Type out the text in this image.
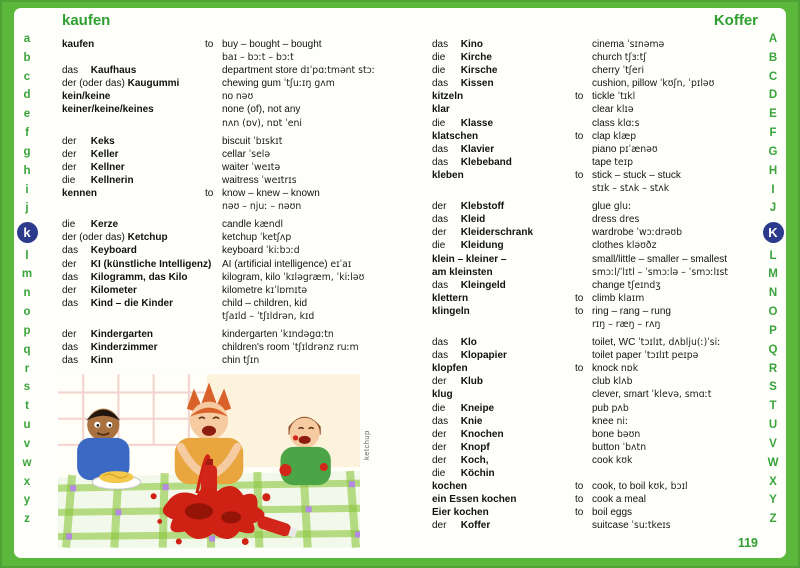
a
b
c
d
e
f
g
h
i
j
k
l
m
n
o
p
q
r
s
t
u
v
w
x
y
z
A
B
C
D
E
F
G
H
I
J
K
L
M
N
O
P
Q
R
S
T
U
V
W
X
Y
Z
kaufen	Koffer
kaufen	to buy – bought – bought
baɪ – bɔːt – bɔːt
das Kaufhaus	department store dɪˈpɑːtmənt stɔː
der (oder das) Kaugummi	chewing gum ˈtʃuːɪŋ gʌm
kein/keine	no nəʊ
keiner/keine/keines	none (of), not any
nʌn (ɒv), nɒt ˈeni
der Keks	biscuit ˈbɪskɪt
der Keller	cellar ˈselə
der Kellner	waiter ˈweɪtə
die Kellnerin	waitress ˈweɪtrɪs
kennen	to know – knew – known
nəʊ – njuː – nəʊn
die Kerze	candle kændl
der (oder das) Ketchup	ketchup ˈketʃʌp
das Keyboard	keyboard ˈkiːbɔːd
der KI (künstliche Intelligenz) AI (artificial intelligence) eɪˈaɪ
das Kilogramm, das Kilo	kilogram, kilo ˈkɪləgræm, ˈkiːləʊ
der Kilometer	kilometre kɪˈlɒmɪtə
das Kind – die Kinder	child – children, kid
tʃaɪld – ˈtʃɪldrən, kɪd
der Kindergarten	kindergarten ˈkɪndəgɑːtn
das Kinderzimmer	children's room ˈtʃɪldrənz ruːm
das Kinn	chin tʃɪn
das Kino	cinema ˈsɪnəmə
die Kirche	church tʃɜːtʃ
die Kirsche	cherry ˈtʃeri
das Kissen	cushion, pillow ˈkʊʃn, ˈpɪləʊ
kitzeln	to tickle ˈtɪkl
klar	clear klɪə
die Klasse	class klɑːs
klatschen	to clap klæp
das Klavier	piano pɪˈænəʊ
das Klebeband	tape teɪp
kleben	to stick – stuck – stuck
stɪk – stʌk – stʌk
der Klebstoff	glue gluː
das Kleid	dress dres
der Kleiderschrank	wardrobe ˈwɔːdrəʊb
die Kleidung	clothes kləʊðz
klein – kleiner –	small/little – smaller – smallest
am kleinsten	smɔːl/ˈlɪtl – ˈsmɔːlə – ˈsmɔːlɪst
das Kleingeld	change tʃeɪndʒ
klettern	to climb klaɪm
klingeln	to ring – rang – rung
rɪŋ – ræŋ – rʌŋ
das Klo	toilet, WC ˈtɔɪlɪt, dʌblju(ː)ˈsiː
das Klopapier	toilet paper ˈtɔɪlɪt peɪpə
klopfen	to knock nɒk
der Klub	club klʌb
klug	clever, smart ˈklevə, smɑːt
die Kneipe	pub pʌb
das Knie	knee niː
der Knochen	bone bəʊn
der Knopf	button ˈbʌtn
der Koch,	cook kʊk
die Köchin
kochen	to cook, to boil kʊk, bɔɪl
ein Essen kochen	to cook a meal
Eier kochen	to boil eggs
der Koffer	suitcase ˈsuːtkeɪs
ketchup
119
